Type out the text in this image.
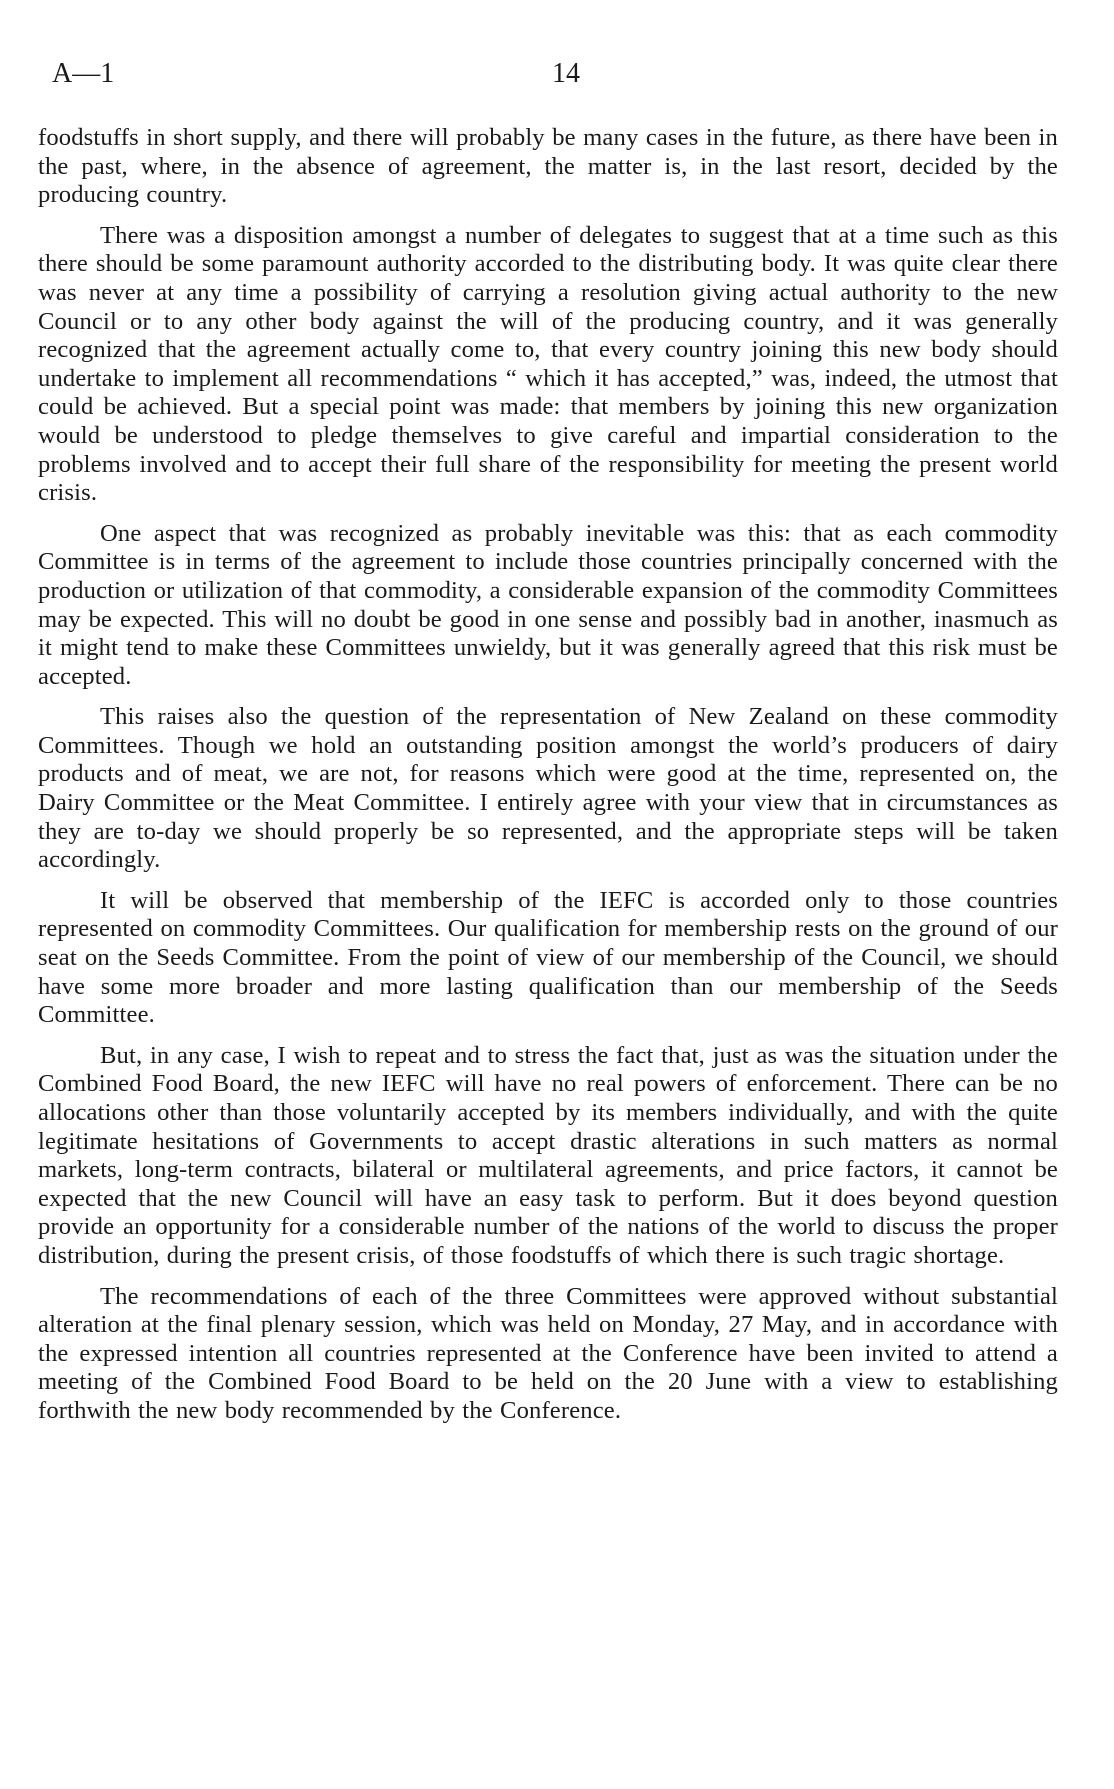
A—1	14

foodstuffs in short supply, and there will probably be many cases in the future, as there have been in the past, where, in the absence of agreement, the matter is, in the last resort, decided by the producing country.

There was a disposition amongst a number of delegates to suggest that at a time such as this there should be some paramount authority accorded to the distributing body. It was quite clear there was never at any time a possibility of carrying a resolution giving actual authority to the new Council or to any other body against the will of the producing country, and it was generally recognized that the agreement actually come to, that every country joining this new body should undertake to implement all recommendations “ which it has accepted,” was, indeed, the utmost that could be achieved. But a special point was made: that members by joining this new organization would be understood to pledge themselves to give careful and impartial consideration to the problems involved and to accept their full share of the responsibility for meeting the present world crisis.

One aspect that was recognized as probably inevitable was this: that as each commodity Committee is in terms of the agreement to include those countries principally concerned with the production or utilization of that commodity, a considerable expansion of the commodity Committees may be expected. This will no doubt be good in one sense and possibly bad in another, inasmuch as it might tend to make these Committees unwieldy, but it was generally agreed that this risk must be accepted.

This raises also the question of the representation of New Zealand on these commodity Committees. Though we hold an outstanding position amongst the world’s producers of dairy products and of meat, we are not, for reasons which were good at the time, represented on, the Dairy Committee or the Meat Committee. I entirely agree with your view that in circumstances as they are to-day we should properly be so represented, and the appropriate steps will be taken accordingly.

It will be observed that membership of the IEFC is accorded only to those countries represented on commodity Committees. Our qualification for membership rests on the ground of our seat on the Seeds Committee. From the point of view of our membership of the Council, we should have some more broader and more lasting qualification than our membership of the Seeds Committee.

But, in any case, I wish to repeat and to stress the fact that, just as was the situation under the Combined Food Board, the new IEFC will have no real powers of enforcement. There can be no allocations other than those voluntarily accepted by its members individually, and with the quite legitimate hesitations of Governments to accept drastic alterations in such matters as normal markets, long-term contracts, bilateral or multilateral agreements, and price factors, it cannot be expected that the new Council will have an easy task to perform. But it does beyond question provide an opportunity for a considerable number of the nations of the world to discuss the proper distribution, during the present crisis, of those foodstuffs of which there is such tragic shortage.

The recommendations of each of the three Committees were approved without substantial alteration at the final plenary session, which was held on Monday, 27 May, and in accordance with the expressed intention all countries represented at the Conference have been invited to attend a meeting of the Combined Food Board to be held on the 20 June with a view to establishing forthwith the new body recommended by the Conference.
